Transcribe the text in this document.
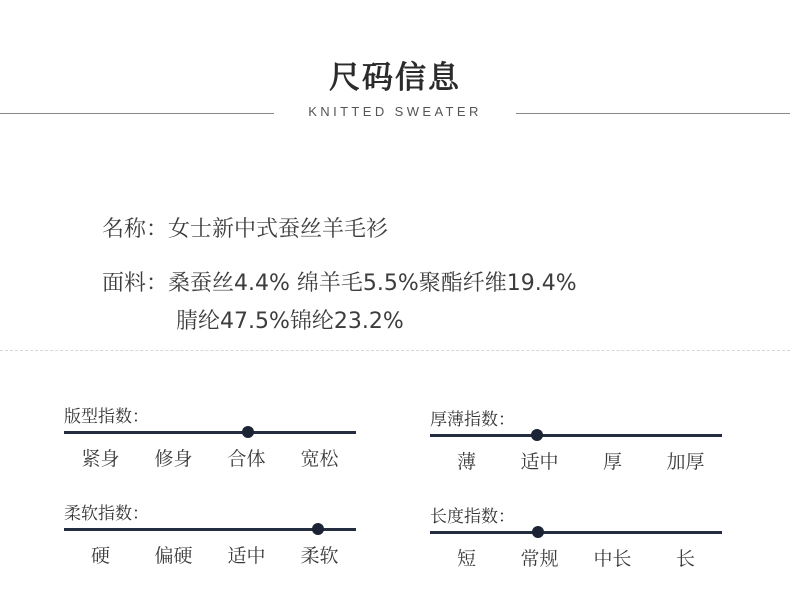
尺码信息
KNITTED SWEATER
名称：女士新中式蚕丝羊毛衫
面料：桑蚕丝4.4% 绵羊毛5.5%聚酯纤维19.4%
腈纶47.5%锦纶23.2%
版型指数：
紧身	修身	合体	宽松
厚薄指数：
薄	适中	厚	加厚
柔软指数：
硬	偏硬	适中	柔软
长度指数：
短	常规	中长	长
